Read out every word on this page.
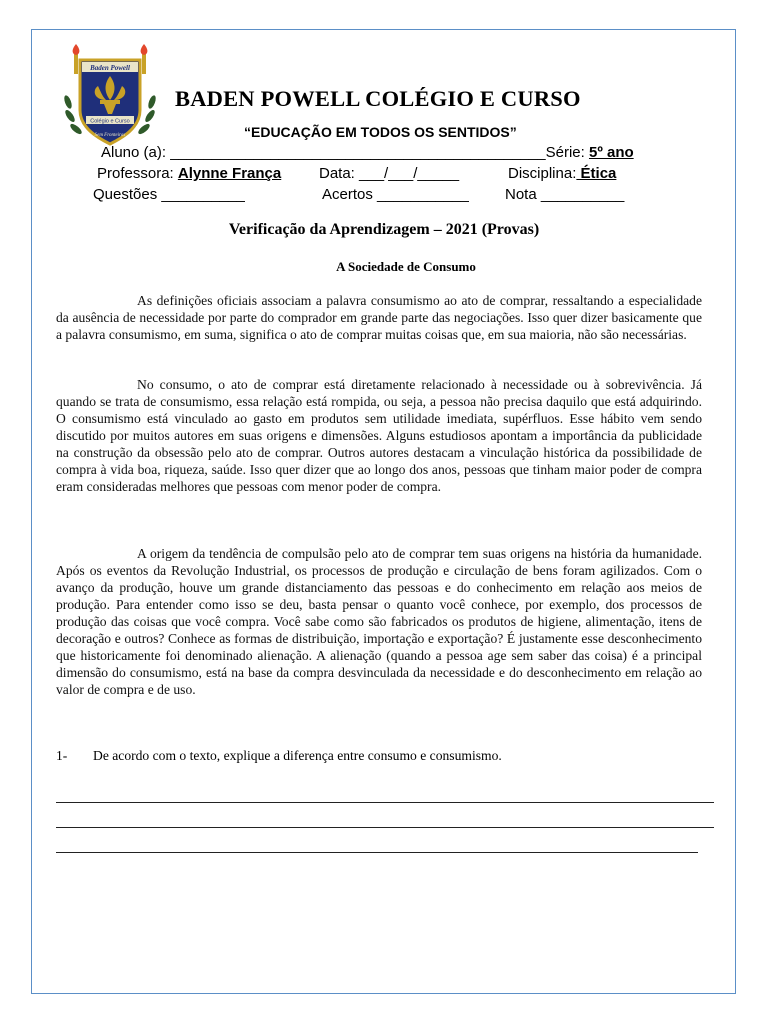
Baden Powell
Colégio e Curso
Sem Fronteiras
BADEN POWELL COLÉGIO E CURSO
“EDUCAÇÃO EM TODOS OS SENTIDOS”
Aluno (a): _____________________________________________Série: 5º ano
Professora: Alynne França	Data: ___/___/_____	Disciplina: Ética
Questões __________	Acertos ___________ Nota __________
Verificação da Aprendizagem – 2021 (Provas)
A Sociedade de Consumo

As definições oficiais associam a palavra consumismo ao ato de comprar, ressaltando a especialidade da ausência de necessidade por parte do comprador em grande parte das negociações. Isso quer dizer basicamente que a palavra consumismo, em suma, significa o ato de comprar muitas coisas que, em sua maioria, não são necessárias.

No consumo, o ato de comprar está diretamente relacionado à necessidade ou à sobrevivência. Já quando se trata de consumismo, essa relação está rompida, ou seja, a pessoa não precisa daquilo que está adquirindo. O consumismo está vinculado ao gasto em produtos sem utilidade imediata, supérfluos. Esse hábito vem sendo discutido por muitos autores em suas origens e dimensões. Alguns estudiosos apontam a importância da publicidade na construção da obsessão pelo ato de comprar. Outros autores destacam a vinculação histórica da possibilidade de compra à vida boa, riqueza, saúde. Isso quer dizer que ao longo dos anos, pessoas que tinham maior poder de compra eram consideradas melhores que pessoas com menor poder de compra.

A origem da tendência de compulsão pelo ato de comprar tem suas origens na história da humanidade. Após os eventos da Revolução Industrial, os processos de produção e circulação de bens foram agilizados. Com o avanço da produção, houve um grande distanciamento das pessoas e do conhecimento em relação aos meios de produção. Para entender como isso se deu, basta pensar o quanto você conhece, por exemplo, dos processos de produção das coisas que você compra. Você sabe como são fabricados os produtos de higiene, alimentação, itens de decoração e outros? Conhece as formas de distribuição, importação e exportação? É justamente esse desconhecimento que historicamente foi denominado alienação. A alienação (quando a pessoa age sem saber das coisa) é a principal dimensão do consumismo, está na base da compra desvinculada da necessidade e do desconhecimento em relação ao valor de compra e de uso.

1- De acordo com o texto, explique a diferença entre consumo e consumismo.
